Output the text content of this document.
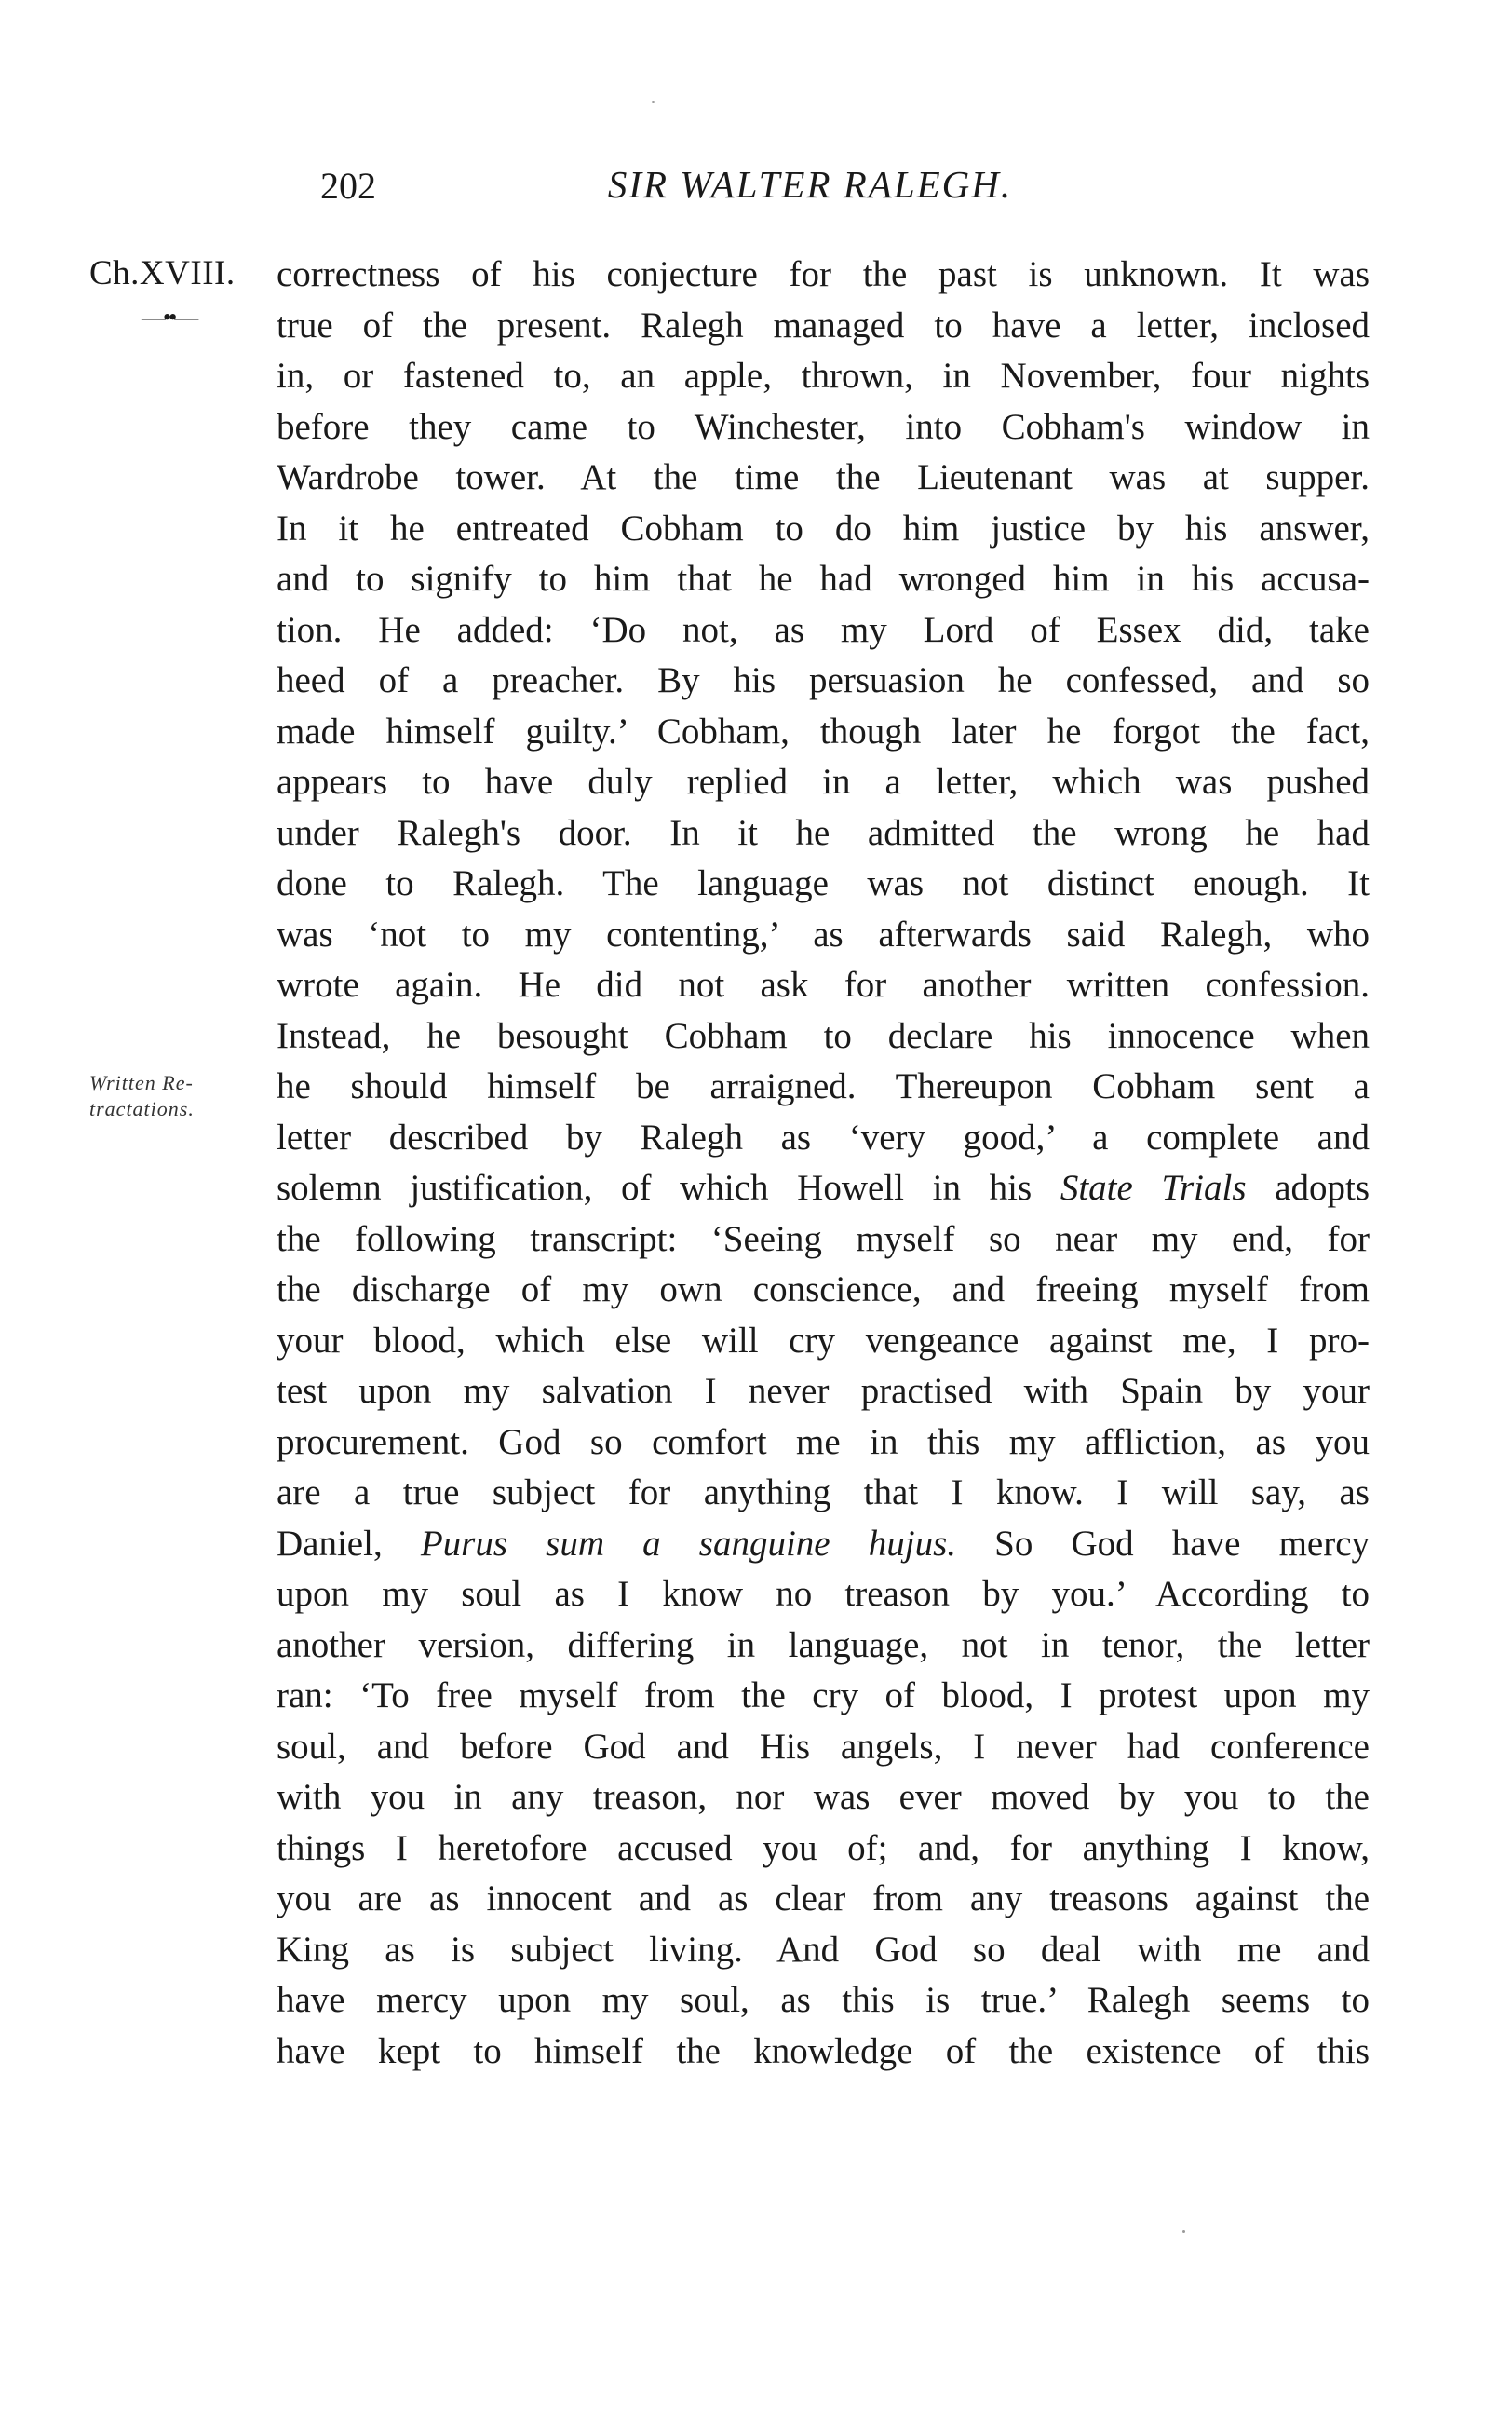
202	SIR WALTER RALEGH.
Ch.XVIII.
—••—
Written Re-
tractations.
correctness of his conjecture for the past is unknown. It was
true of the present. Ralegh managed to have a letter, inclosed
in, or fastened to, an apple, thrown, in November, four nights
before they came to Winchester, into Cobham's window in
Wardrobe tower. At the time the Lieutenant was at supper.
In it he entreated Cobham to do him justice by his answer,
and to signify to him that he had wronged him in his accusa-
tion. He added: ‘Do not, as my Lord of Essex did, take
heed of a preacher. By his persuasion he confessed, and so
made himself guilty.’ Cobham, though later he forgot the fact,
appears to have duly replied in a letter, which was pushed
under Ralegh's door. In it he admitted the wrong he had
done to Ralegh. The language was not distinct enough. It
was ‘not to my contenting,’ as afterwards said Ralegh, who
wrote again. He did not ask for another written confession.
Instead, he besought Cobham to declare his innocence when
he should himself be arraigned. Thereupon Cobham sent a
letter described by Ralegh as ‘very good,’ a complete and
solemn justification, of which Howell in his State Trials adopts
the following transcript: ‘Seeing myself so near my end, for
the discharge of my own conscience, and freeing myself from
your blood, which else will cry vengeance against me, I pro-
test upon my salvation I never practised with Spain by your
procurement. God so comfort me in this my affliction, as you
are a true subject for anything that I know. I will say, as
Daniel, Purus sum a sanguine hujus. So God have mercy
upon my soul as I know no treason by you.’ According to
another version, differing in language, not in tenor, the letter
ran: ‘To free myself from the cry of blood, I protest upon my
soul, and before God and His angels, I never had conference
with you in any treason, nor was ever moved by you to the
things I heretofore accused you of; and, for anything I know,
you are as innocent and as clear from any treasons against the
King as is subject living. And God so deal with me and
have mercy upon my soul, as this is true.’ Ralegh seems to
have kept to himself the knowledge of the existence of this
